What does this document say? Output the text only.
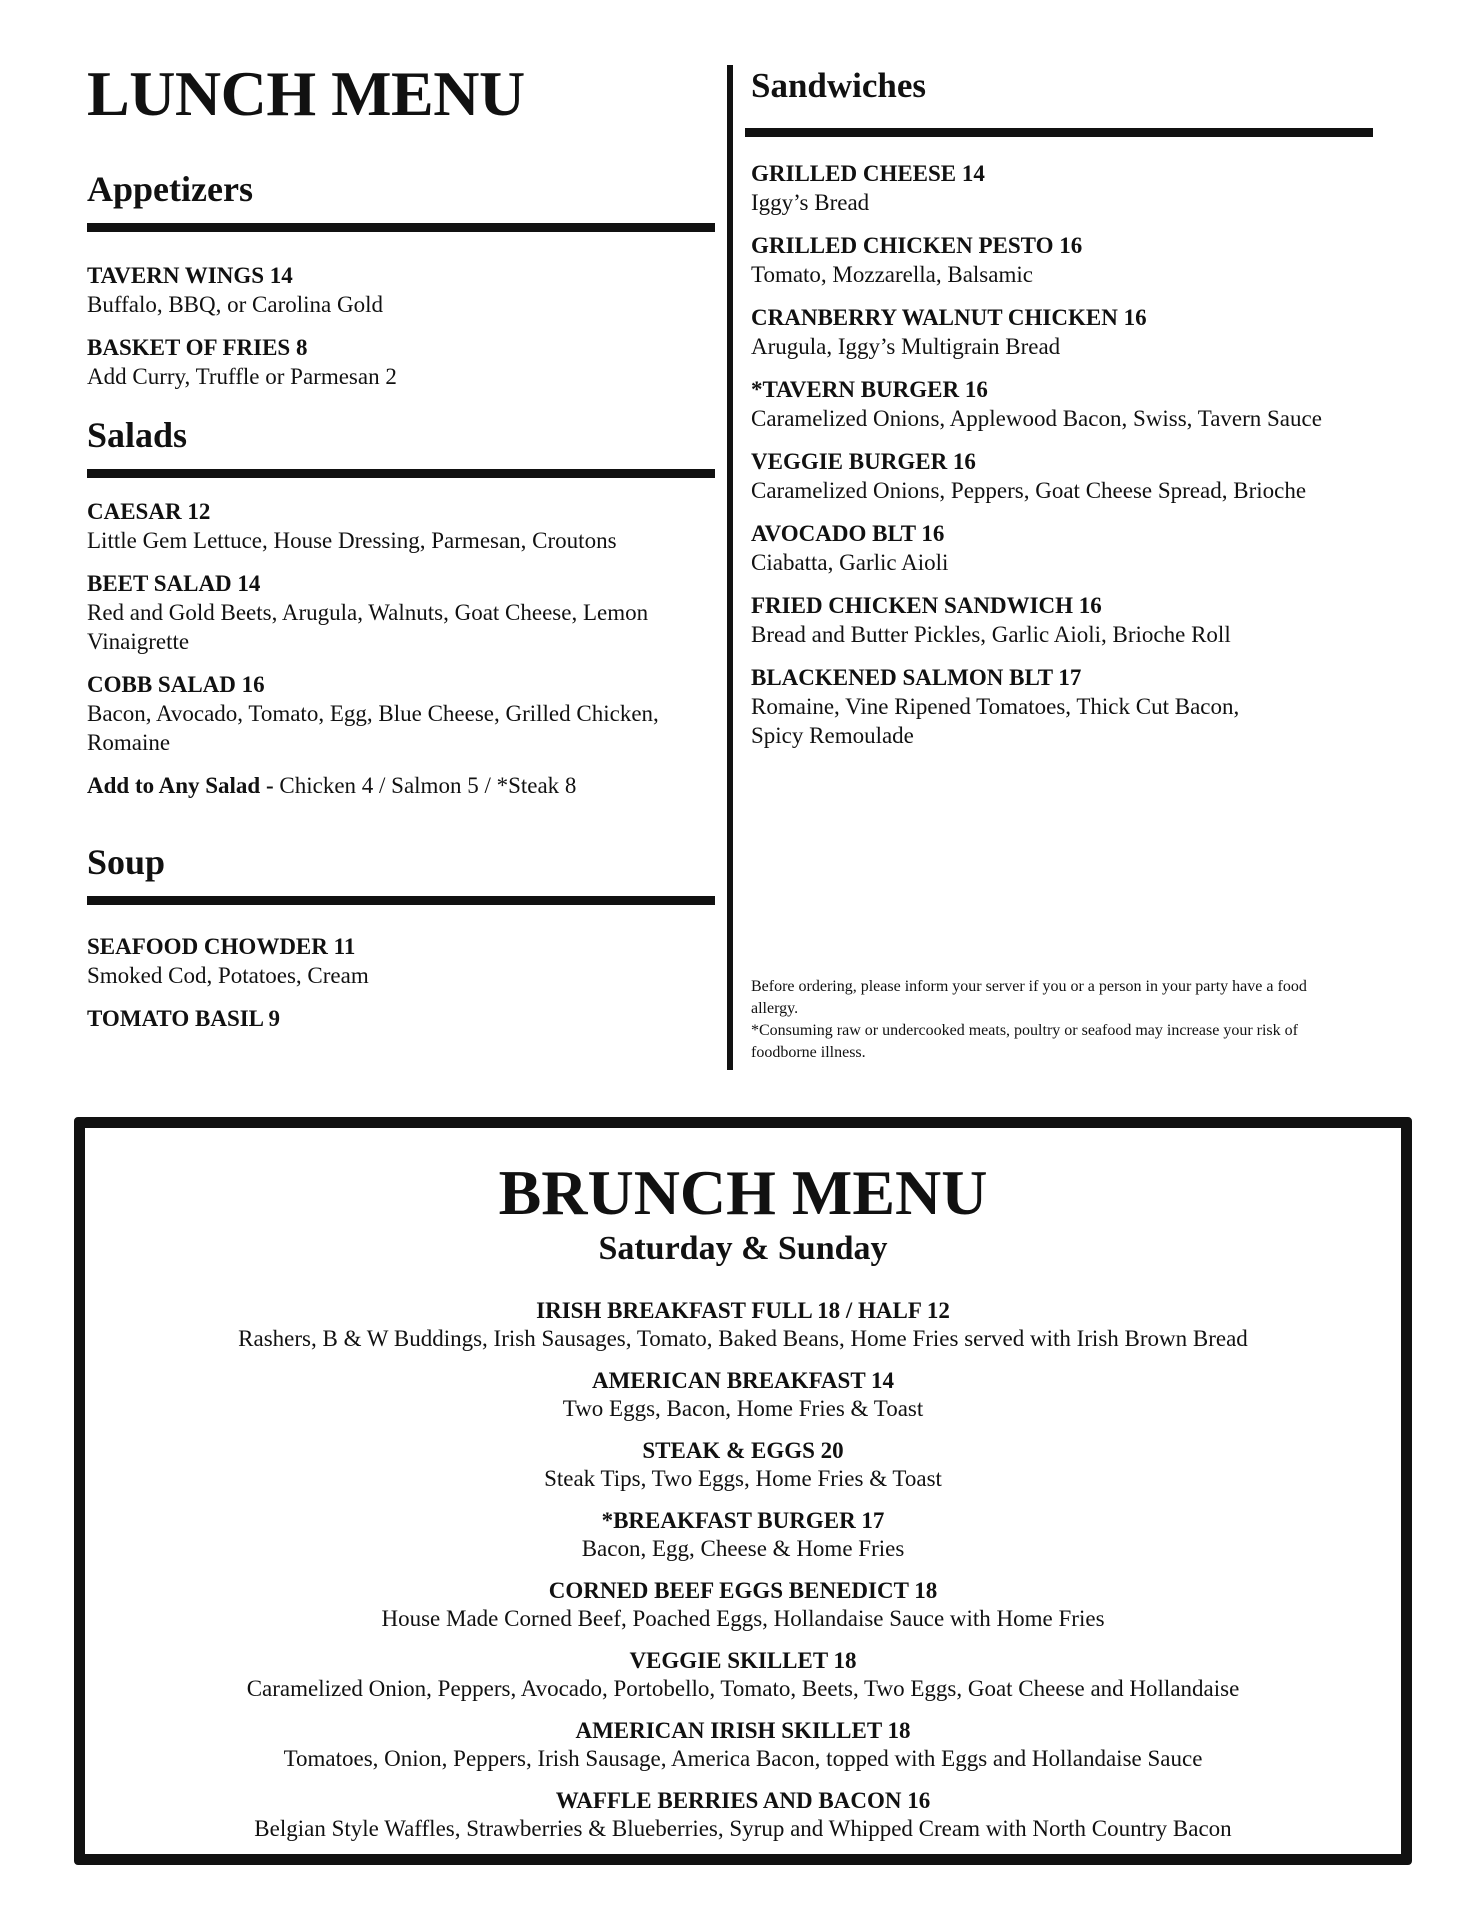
LUNCH MENU
Appetizers
TAVERN WINGS 14
Buffalo, BBQ, or Carolina Gold
BASKET OF FRIES 8
Add Curry, Truffle or Parmesan 2
Salads
CAESAR 12
Little Gem Lettuce, House Dressing, Parmesan, Croutons
BEET SALAD 14
Red and Gold Beets, Arugula, Walnuts, Goat Cheese, Lemon Vinaigrette
COBB SALAD 16
Bacon, Avocado, Tomato, Egg, Blue Cheese, Grilled Chicken, Romaine
Add to Any Salad - Chicken 4 / Salmon 5 / *Steak 8
Soup
SEAFOOD CHOWDER 11
Smoked Cod, Potatoes, Cream
TOMATO BASIL 9
Sandwiches
GRILLED CHEESE 14
Iggy’s Bread
GRILLED CHICKEN PESTO 16
Tomato, Mozzarella, Balsamic
CRANBERRY WALNUT CHICKEN 16
Arugula, Iggy’s Multigrain Bread
*TAVERN BURGER 16
Caramelized Onions, Applewood Bacon, Swiss, Tavern Sauce
VEGGIE BURGER 16
Caramelized Onions, Peppers, Goat Cheese Spread, Brioche
AVOCADO BLT 16
Ciabatta, Garlic Aioli
FRIED CHICKEN SANDWICH 16
Bread and Butter Pickles, Garlic Aioli, Brioche Roll
BLACKENED SALMON BLT 17
Romaine, Vine Ripened Tomatoes, Thick Cut Bacon, Spicy Remoulade
Before ordering, please inform your server if you or a person in your party have a food allergy.
*Consuming raw or undercooked meats, poultry or seafood may increase your risk of foodborne illness.
BRUNCH MENU
Saturday & Sunday
IRISH BREAKFAST FULL 18 / HALF 12
Rashers, B & W Buddings, Irish Sausages, Tomato, Baked Beans, Home Fries served with Irish Brown Bread
AMERICAN BREAKFAST 14
Two Eggs, Bacon, Home Fries & Toast
STEAK & EGGS 20
Steak Tips, Two Eggs, Home Fries & Toast
*BREAKFAST BURGER 17
Bacon, Egg, Cheese & Home Fries
CORNED BEEF EGGS BENEDICT 18
House Made Corned Beef, Poached Eggs, Hollandaise Sauce with Home Fries
VEGGIE SKILLET 18
Caramelized Onion, Peppers, Avocado, Portobello, Tomato, Beets, Two Eggs, Goat Cheese and Hollandaise
AMERICAN IRISH SKILLET 18
Tomatoes, Onion, Peppers, Irish Sausage, America Bacon, topped with Eggs and Hollandaise Sauce
WAFFLE BERRIES AND BACON 16
Belgian Style Waffles, Strawberries & Blueberries, Syrup and Whipped Cream with North Country Bacon
